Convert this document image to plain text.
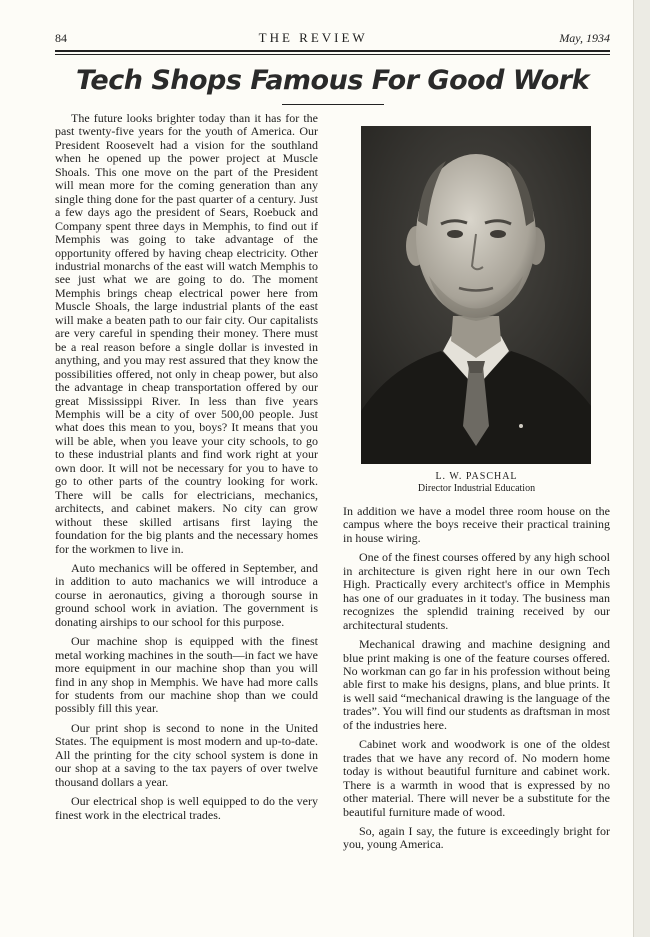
84	THE REVIEW	May, 1934
Tech Shops Famous For Good Work

The future looks brighter today than it has for the past twenty-five years for the youth of America. Our President Roosevelt had a vision for the southland when he opened up the power project at Muscle Shoals. This one move on the part of the President will mean more for the coming generation than any single thing done for the past quarter of a century. Just a few days ago the president of Sears, Roebuck and Company spent three days in Memphis, to find out if Memphis was going to take advantage of the opportunity offered by having cheap electricity. Other industrial monarchs of the east will watch Memphis to see just what we are going to do. The moment Memphis brings cheap electrical power here from Muscle Shoals, the large industrial plants of the east will make a beaten path to our fair city. Our capitalists are very careful in spending their money. There must be a real reason before a single dollar is invested in anything, and you may rest assured that they know the possibilities offered, not only in cheap power, but also the advantage in cheap transportation offered by our great Mississippi River. In less than five years Memphis will be a city of over 500,00 people. Just what does this mean to you, boys? It means that you will be able, when you leave your city schools, to go to these industrial plants and find work right at your own door. It will not be necessary for you to have to go to other parts of the country looking for work. There will be calls for electricians, mechanics, architects, and cabinet makers. No city can grow without these skilled artisans first laying the foundation for the big plants and the necessary homes for the workmen to live in.

Auto mechanics will be offered in September, and in addition to auto machanics we will introduce a course in aeronautics, giving a thorough sourse in ground school work in aviation. The government is donating airships to our school for this purpose.

Our machine shop is equipped with the finest metal working machines in the south—in fact we have more equipment in our machine shop than you will find in any shop in Memphis. We have had more calls for students from our machine shop than we could possibly fill this year.

Our print shop is second to none in the United States. The equipment is most modern and up-to-date. All the printing for the city school system is done in our shop at a saving to the tax payers of over twelve thousand dollars a year.

Our electrical shop is well equipped to do the very finest work in the electrical trades.

L. W. PASCHAL
Director Industrial Education

In addition we have a model three room house on the campus where the boys receive their practical training in house wiring.

One of the finest courses offered by any high school in architecture is given right here in our own Tech High. Practically every architect's office in Memphis has one of our graduates in it today. The business man recognizes the splendid training received by our architectural students.

Mechanical drawing and machine designing and blue print making is one of the feature courses offered. No workman can go far in his profession without being able first to make his designs, plans, and blue prints. It is well said “mechanical drawing is the language of the trades”. You will find our students as draftsman in most of the industries here.

Cabinet work and woodwork is one of the oldest trades that we have any record of. No modern home today is without beautiful furniture and cabinet work. There is a warmth in wood that is expressed by no other material. There will never be a substitute for the beautiful furniture made of wood.

So, again I say, the future is exceedingly bright for you, young America.
